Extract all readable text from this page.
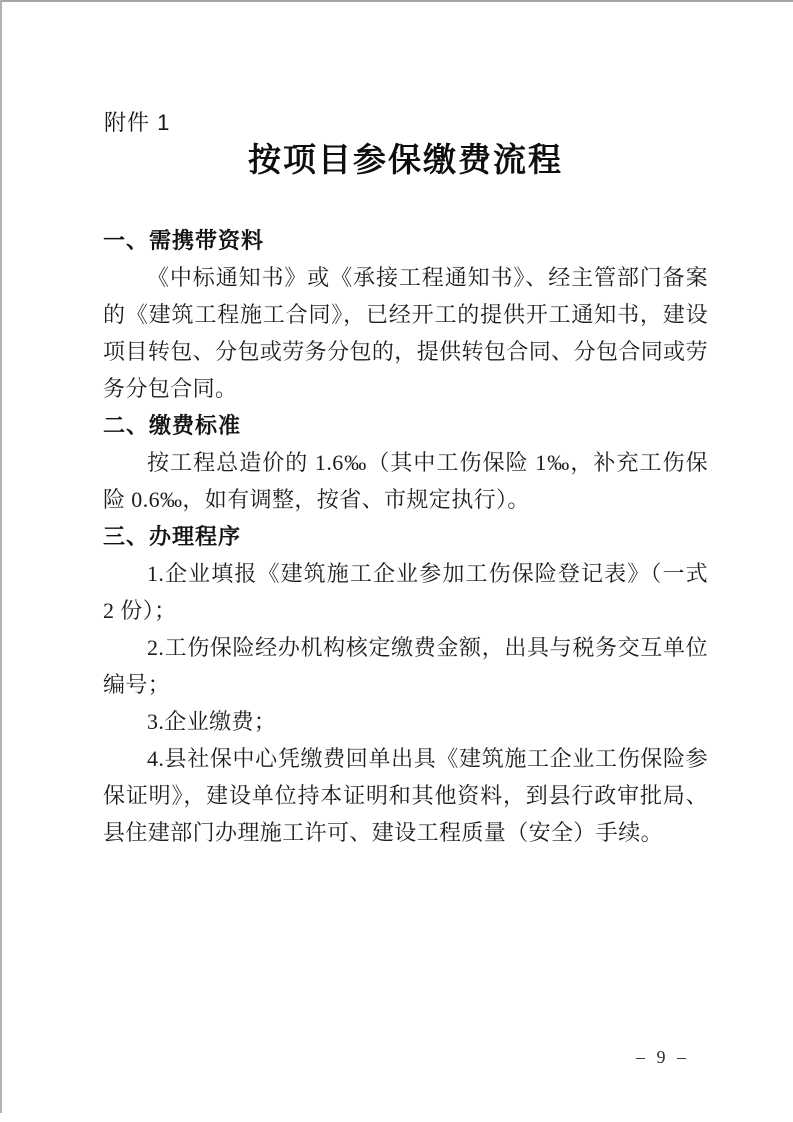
附件 1
按项目参保缴费流程
一、需携带资料

《中标通知书》或《承接工程通知书》、经主管部门备案的《建筑工程施工合同》，已经开工的提供开工通知书，建设项目转包、分包或劳务分包的，提供转包合同、分包合同或劳务分包合同。

二、缴费标准

按工程总造价的 1.6‰（其中工伤保险 1‰，补充工伤保险 0.6‰，如有调整，按省、市规定执行）。

三、办理程序

1.企业填报《建筑施工企业参加工伤保险登记表》（一式 2 份）；

2.工伤保险经办机构核定缴费金额，出具与税务交互单位编号；

3.企业缴费；

4.县社保中心凭缴费回单出具《建筑施工企业工伤保险参保证明》，建设单位持本证明和其他资料，到县行政审批局、县住建部门办理施工许可、建设工程质量（安全）手续。

– 9 –
